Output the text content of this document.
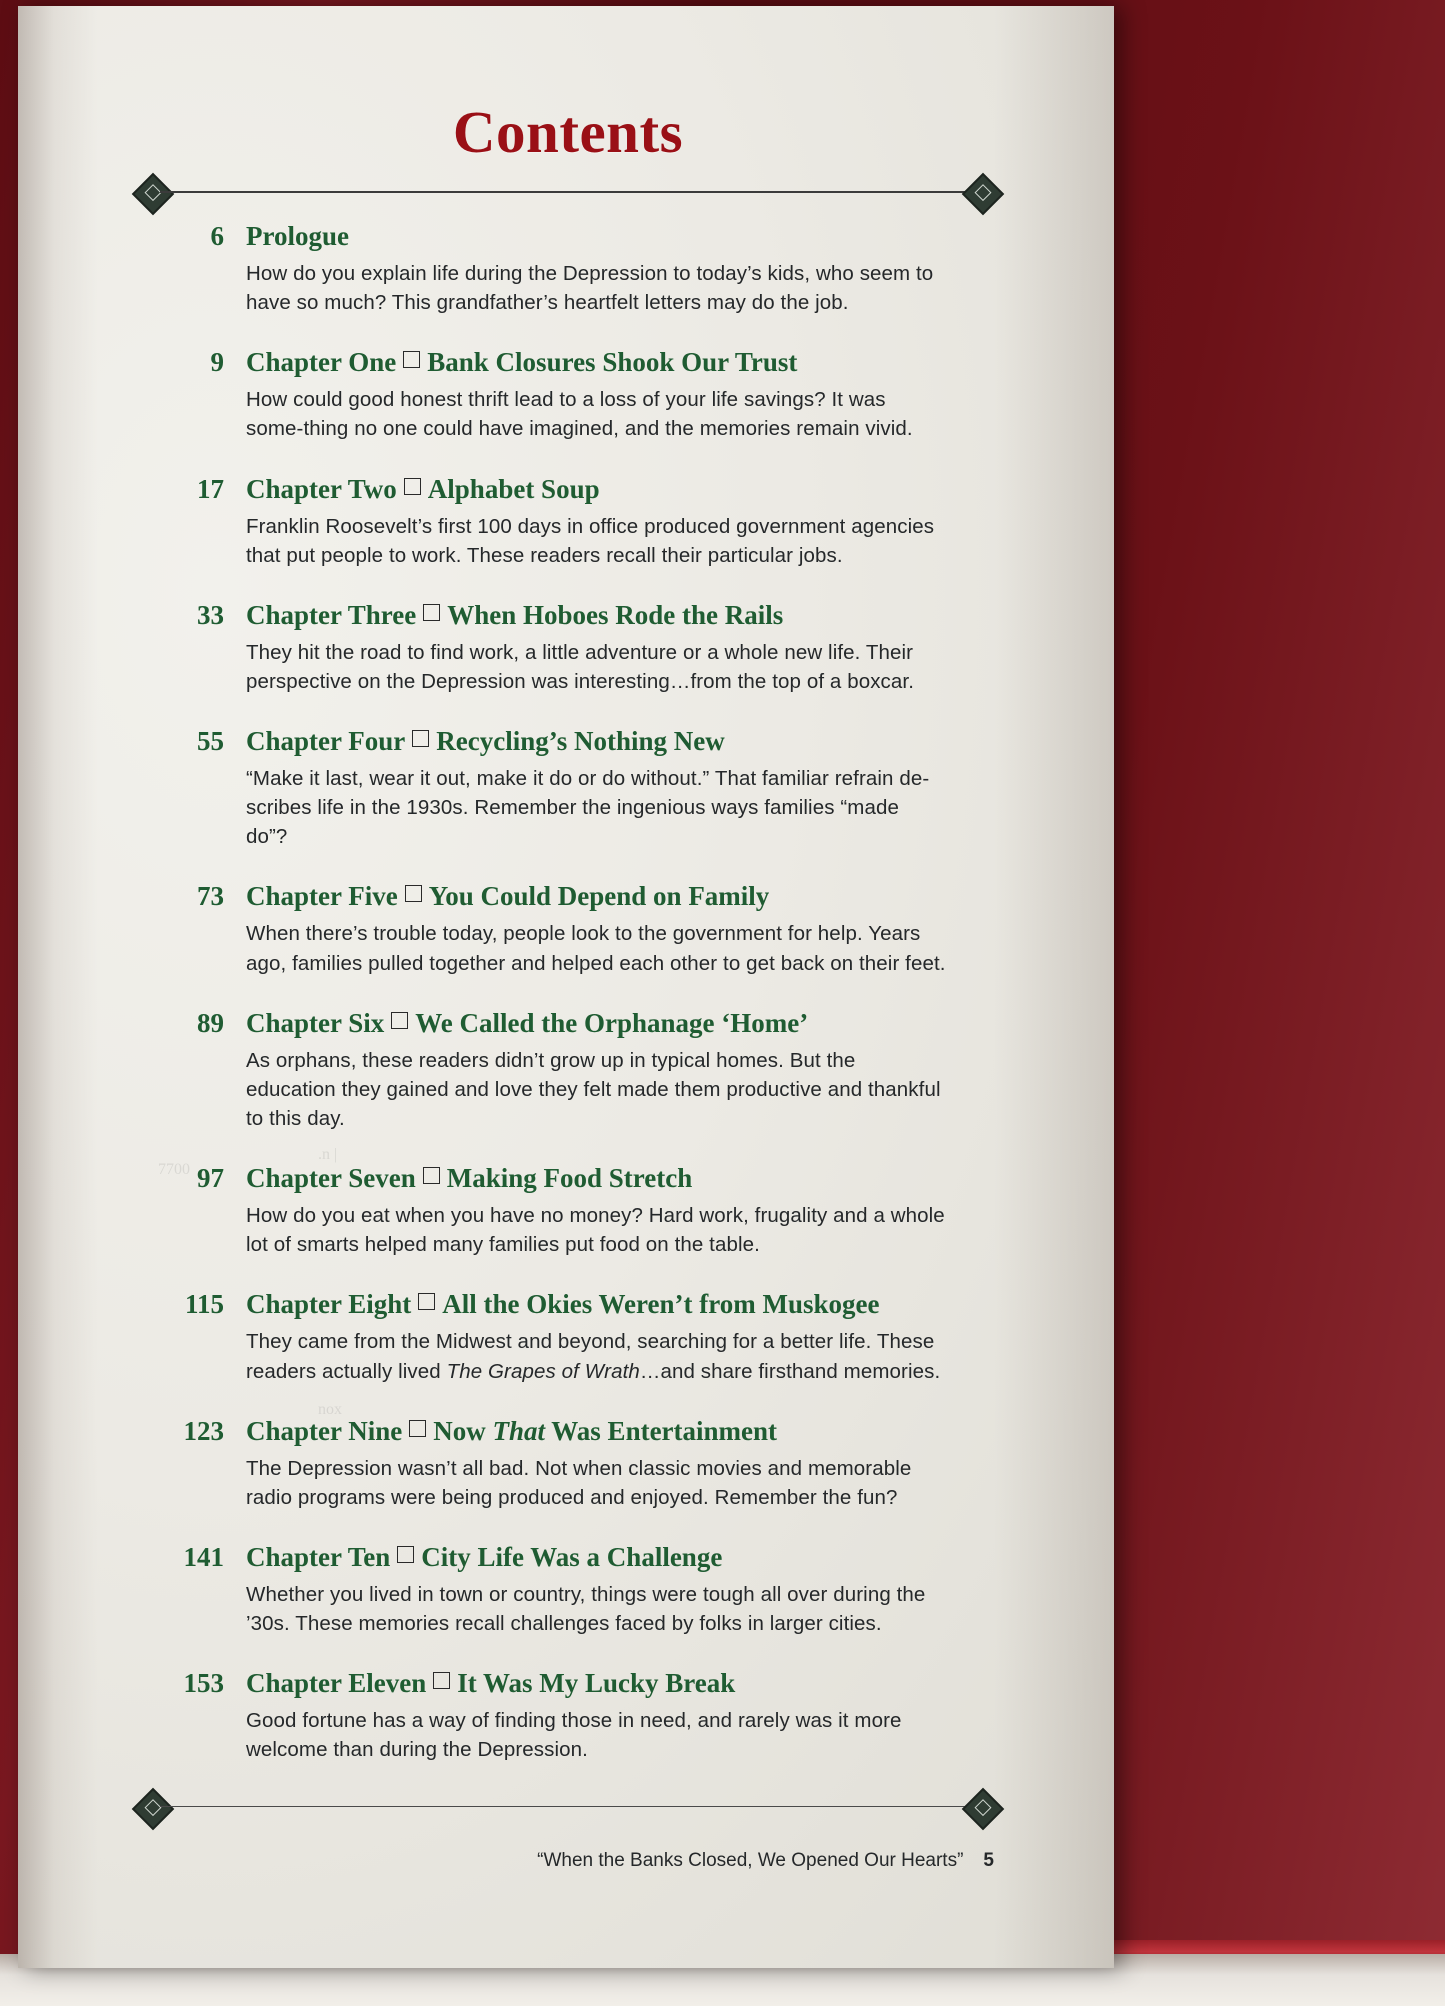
7700
.n |
nox
Contents
6 Prologue
How do you explain life during the Depression to today’s kids, who seem to have so much? This grandfather’s heartfelt letters may do the job.
9 Chapter One Bank Closures Shook Our Trust
How could good honest thrift lead to a loss of your life savings? It was some-thing no one could have imagined, and the memories remain vivid.
17 Chapter Two Alphabet Soup
Franklin Roosevelt’s first 100 days in office produced government agencies that put people to work. These readers recall their particular jobs.
33 Chapter Three When Hoboes Rode the Rails
They hit the road to find work, a little adventure or a whole new life. Their perspective on the Depression was interesting…from the top of a boxcar.
55 Chapter Four Recycling’s Nothing New
“Make it last, wear it out, make it do or do without.” That familiar refrain de-scribes life in the 1930s. Remember the ingenious ways families “made do”?
73 Chapter Five You Could Depend on Family
When there’s trouble today, people look to the government for help. Years ago, families pulled together and helped each other to get back on their feet.
89 Chapter Six We Called the Orphanage ‘Home’
As orphans, these readers didn’t grow up in typical homes. But the education they gained and love they felt made them productive and thankful to this day.
97 Chapter Seven Making Food Stretch
How do you eat when you have no money? Hard work, frugality and a whole lot of smarts helped many families put food on the table.
115 Chapter Eight All the Okies Weren’t from Muskogee
They came from the Midwest and beyond, searching for a better life. These readers actually lived The Grapes of Wrath…and share firsthand memories.
123 Chapter Nine Now That Was Entertainment
The Depression wasn’t all bad. Not when classic movies and memorable radio programs were being produced and enjoyed. Remember the fun?
141 Chapter Ten City Life Was a Challenge
Whether you lived in town or country, things were tough all over during the ’30s. These memories recall challenges faced by folks in larger cities.
153 Chapter Eleven It Was My Lucky Break
Good fortune has a way of finding those in need, and rarely was it more welcome than during the Depression.
“When the Banks Closed, We Opened Our Hearts” 5
